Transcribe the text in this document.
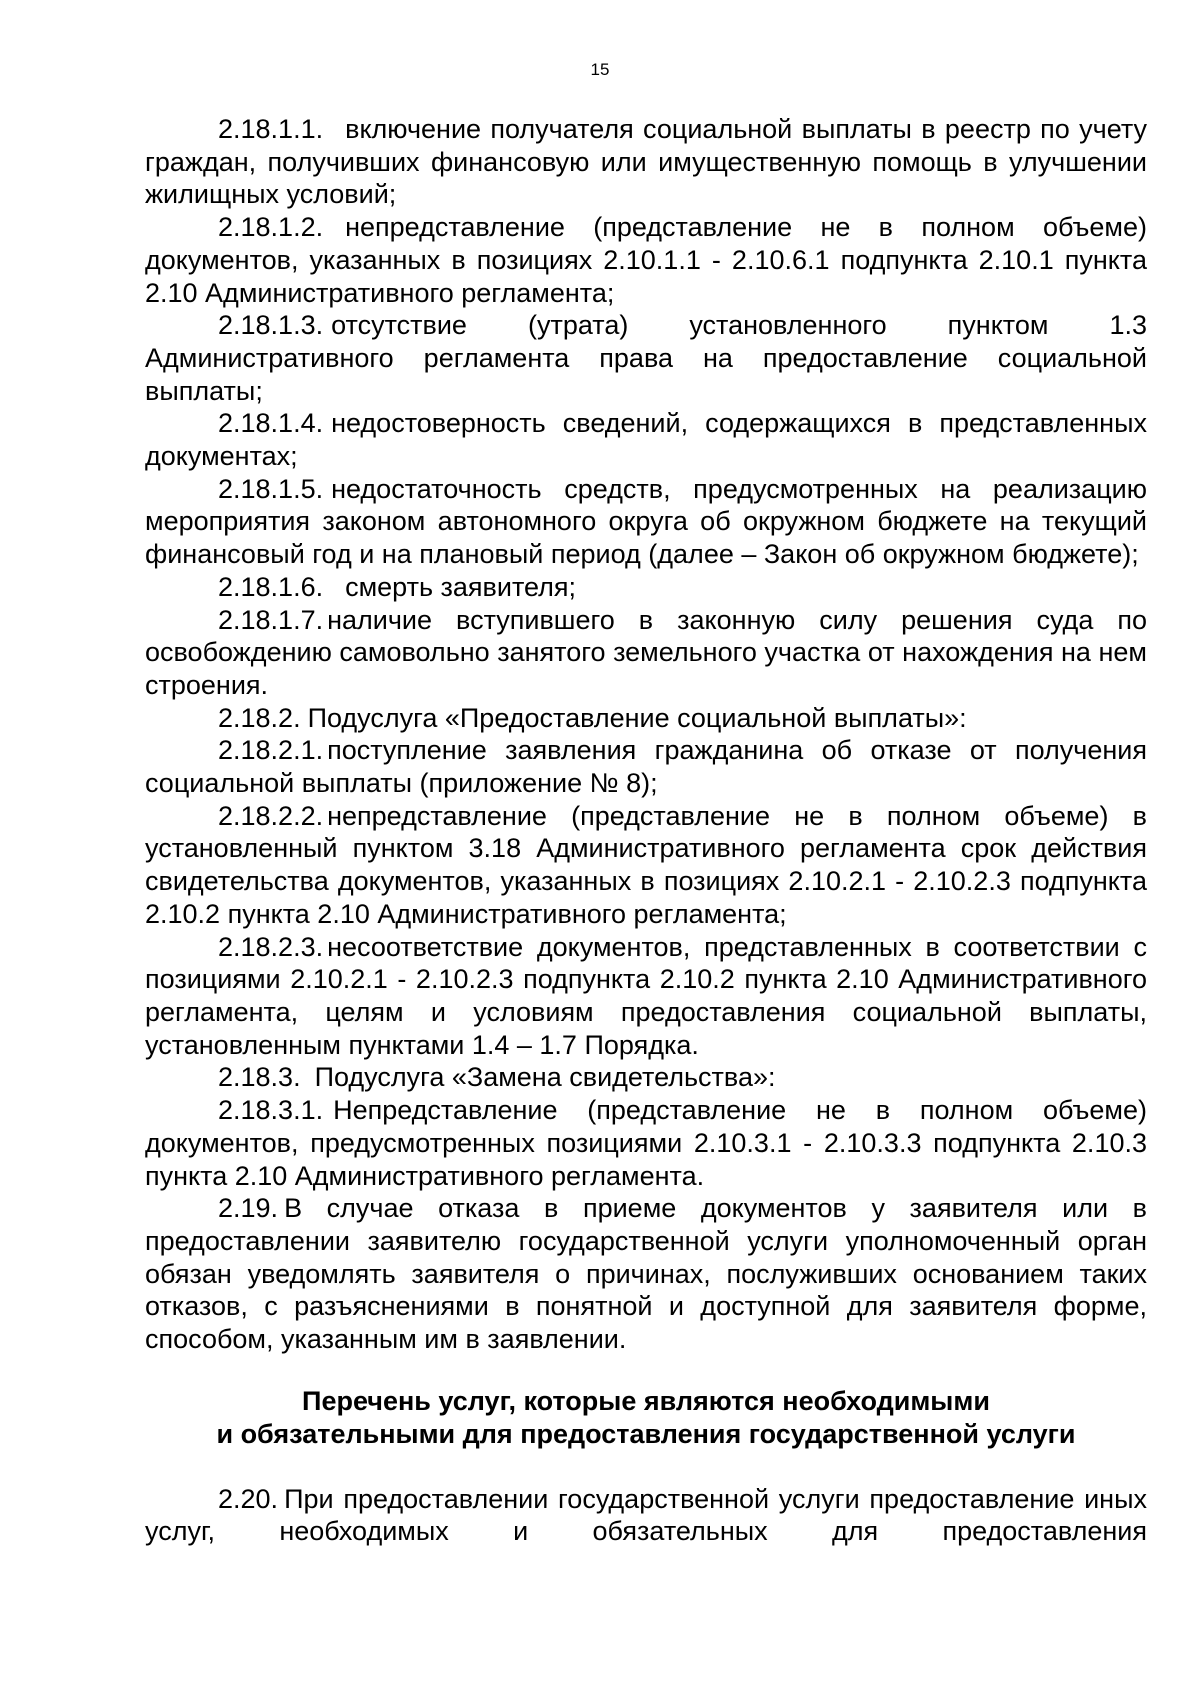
15

2.18.1.1. включение получателя социальной выплаты в реестр по учету граждан, получивших финансовую или имущественную помощь в улучшении жилищных условий;

2.18.1.2. непредставление (представление не в полном объеме) документов, указанных в позициях 2.10.1.1 - 2.10.6.1 подпункта 2.10.1 пункта 2.10 Административного регламента;

2.18.1.3. отсутствие (утрата) установленного пунктом 1.3 Административного регламента права на предоставление социальной выплаты;

2.18.1.4. недостоверность сведений, содержащихся в представленных документах;

2.18.1.5. недостаточность средств, предусмотренных на реализацию мероприятия законом автономного округа об окружном бюджете на текущий финансовый год и на плановый период (далее – Закон об окружном бюджете);

2.18.1.6. смерть заявителя;

2.18.1.7. наличие вступившего в законную силу решения суда по освобождению самовольно занятого земельного участка от нахождения на нем строения.

2.18.2. Подуслуга «Предоставление социальной выплаты»:

2.18.2.1. поступление заявления гражданина об отказе от получения социальной выплаты (приложение № 8);

2.18.2.2. непредставление (представление не в полном объеме) в установленный пунктом 3.18 Административного регламента срок действия свидетельства документов, указанных в позициях 2.10.2.1 - 2.10.2.3 подпункта 2.10.2 пункта 2.10 Административного регламента;

2.18.2.3. несоответствие документов, представленных в соответствии с позициями 2.10.2.1 - 2.10.2.3 подпункта 2.10.2 пункта 2.10 Административного регламента, целям и условиям предоставления социальной выплаты, установленным пунктами 1.4 – 1.7 Порядка.

2.18.3. Подуслуга «Замена свидетельства»:

2.18.3.1. Непредставление (представление не в полном объеме) документов, предусмотренных позициями 2.10.3.1 - 2.10.3.3 подпункта 2.10.3 пункта 2.10 Административного регламента.

2.19. В случае отказа в приеме документов у заявителя или в предоставлении заявителю государственной услуги уполномоченный орган обязан уведомлять заявителя о причинах, послуживших основанием таких отказов, с разъяснениями в понятной и доступной для заявителя форме, способом, указанным им в заявлении.

Перечень услуг, которые являются необходимыми
и обязательными для предоставления государственной услуги

2.20. При предоставлении государственной услуги предоставление иных услуг, необходимых и обязательных для предоставления
